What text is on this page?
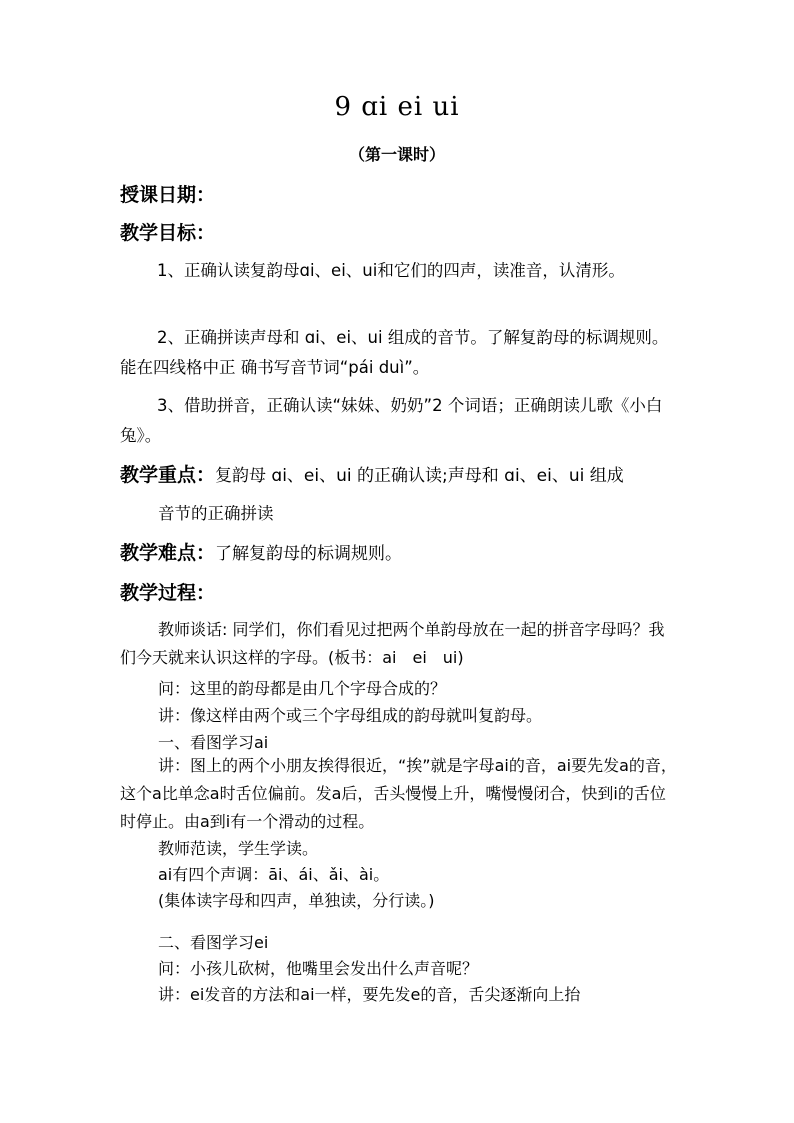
9 ɑi ei ui
（第一课时）
授课日期：
教学目标：
1、正确认读复韵母ɑi、ei、ui和它们的四声，读准音，认清形。
2、正确拼读声母和 ɑi、ei、ui 组成的音节。了解复韵母的标调规则。能在四线格中正 确书写音节词“pái duì”。
3、借助拼音，正确认读“妹妹、奶奶”2 个词语；正确朗读儿歌《小白兔》。
教学重点：复韵母 ɑi、ei、ui 的正确认读;声母和 ɑi、ei、ui 组成
音节的正确拼读
教学难点：了解复韵母的标调规则。
教学过程：
教师谈话: 同学们，你们看见过把两个单韵母放在一起的拼音字母吗？我们今天就来认识这样的字母。(板书：ai　ei　ui)
问：这里的韵母都是由几个字母合成的？
讲：像这样由两个或三个字母组成的韵母就叫复韵母。
一、看图学习ai
讲：图上的两个小朋友挨得很近，“挨”就是字母ai的音，ai要先发a的音，这个a比单念a时舌位偏前。发a后，舌头慢慢上升，嘴慢慢闭合，快到i的舌位时停止。由a到i有一个滑动的过程。
教师范读，学生学读。
ai有四个声调：āi、ái、ǎi、ài。
(集体读字母和四声，单独读，分行读。)
二、看图学习ei
问：小孩儿砍树，他嘴里会发出什么声音呢？
讲：ei发音的方法和ai一样，要先发e的音，舌尖逐渐向上抬
